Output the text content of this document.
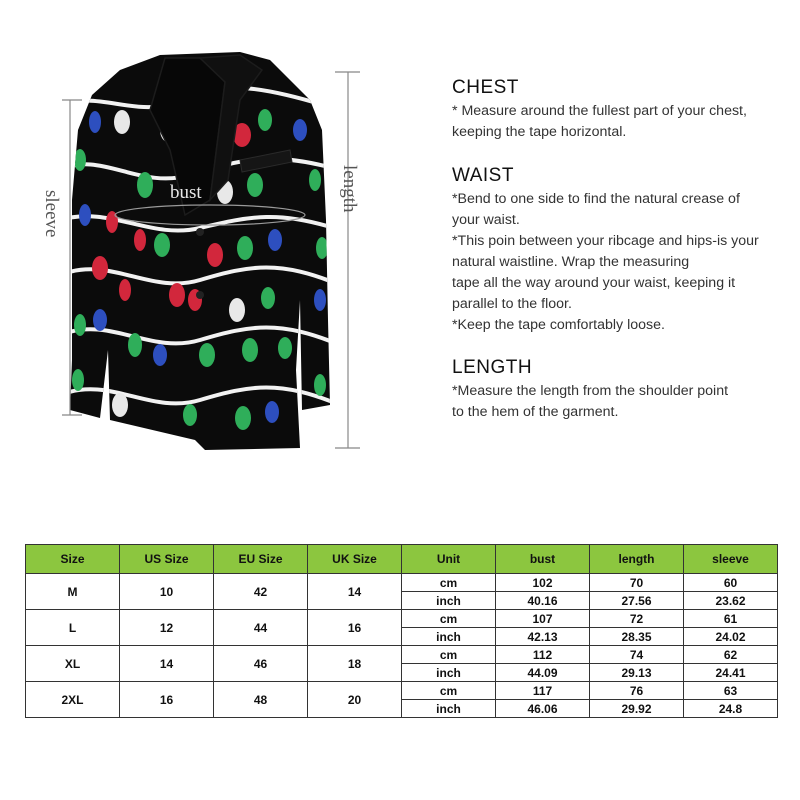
bust	length
sleeve
CHEST

* Measure around the fullest part of your chest,
keeping the tape horizontal.

WAIST

*Bend to one side to find the natural crease of
your waist.
*This poin between your ribcage and hips-is your
natural waistline. Wrap the measuring
tape all the way around your waist, keeping it
parallel to the floor.
*Keep the tape comfortably loose.

LENGTH

*Measure the length from the shoulder point
to the hem of the garment.

Size	US Size	EU Size	UK Size	Unit	bust	length	sleeve
M	10	42	14	cm	102	70	60
				inch	40.16	27.56	23.62
L	12	44	16	cm	107	72	61
				inch	42.13	28.35	24.02
XL	14	46	18	cm	112	74	62
				inch	44.09	29.13	24.41
2XL	16	48	20	cm	117	76	63
				inch	46.06	29.92	24.8
